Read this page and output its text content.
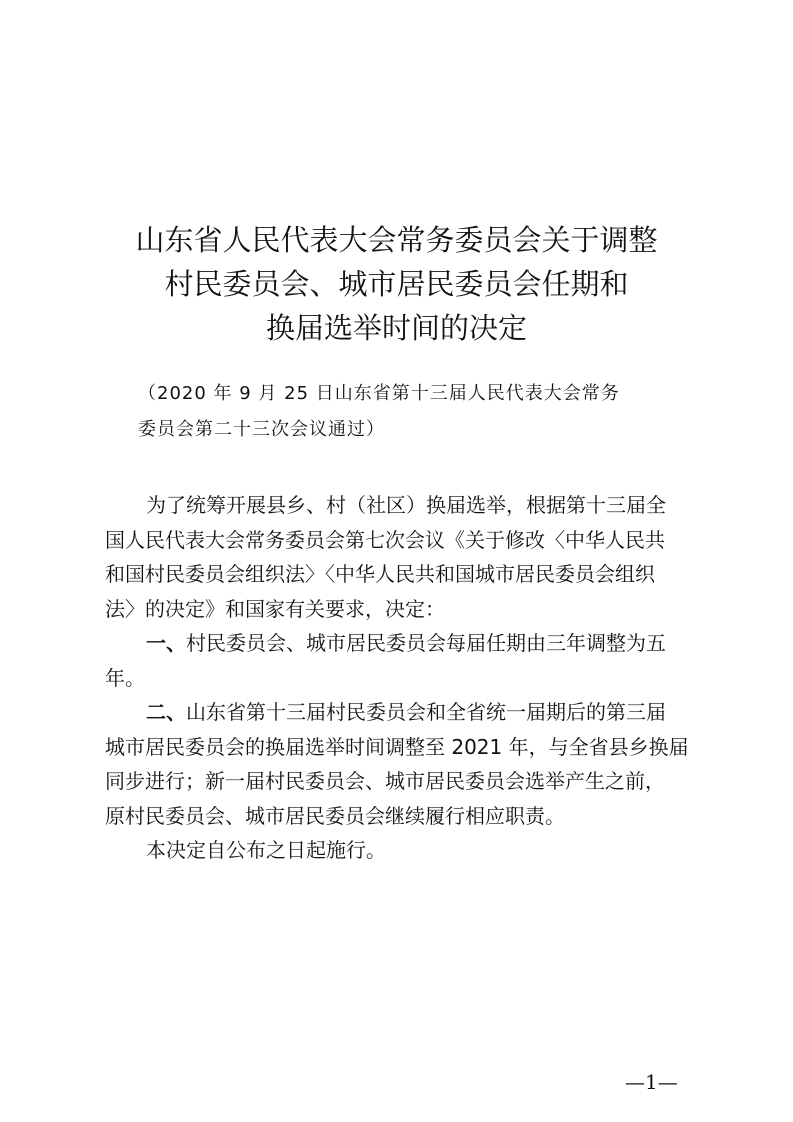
山东省人民代表大会常务委员会关于调整
村民委员会、城市居民委员会任期和
换届选举时间的决定
（2020 年 9 月 25 日山东省第十三届人民代表大会常务
委员会第二十三次会议通过）
为了统筹开展县乡、村（社区）换届选举，根据第十三届全
国人民代表大会常务委员会第七次会议《关于修改〈中华人民共
和国村民委员会组织法〉〈中华人民共和国城市居民委员会组织
法〉的决定》和国家有关要求，决定：
一、村民委员会、城市居民委员会每届任期由三年调整为五
年。
二、山东省第十三届村民委员会和全省统一届期后的第三届
城市居民委员会的换届选举时间调整至 2021 年，与全省县乡换届
同步进行；新一届村民委员会、城市居民委员会选举产生之前，
原村民委员会、城市居民委员会继续履行相应职责。
本决定自公布之日起施行。
—1—
